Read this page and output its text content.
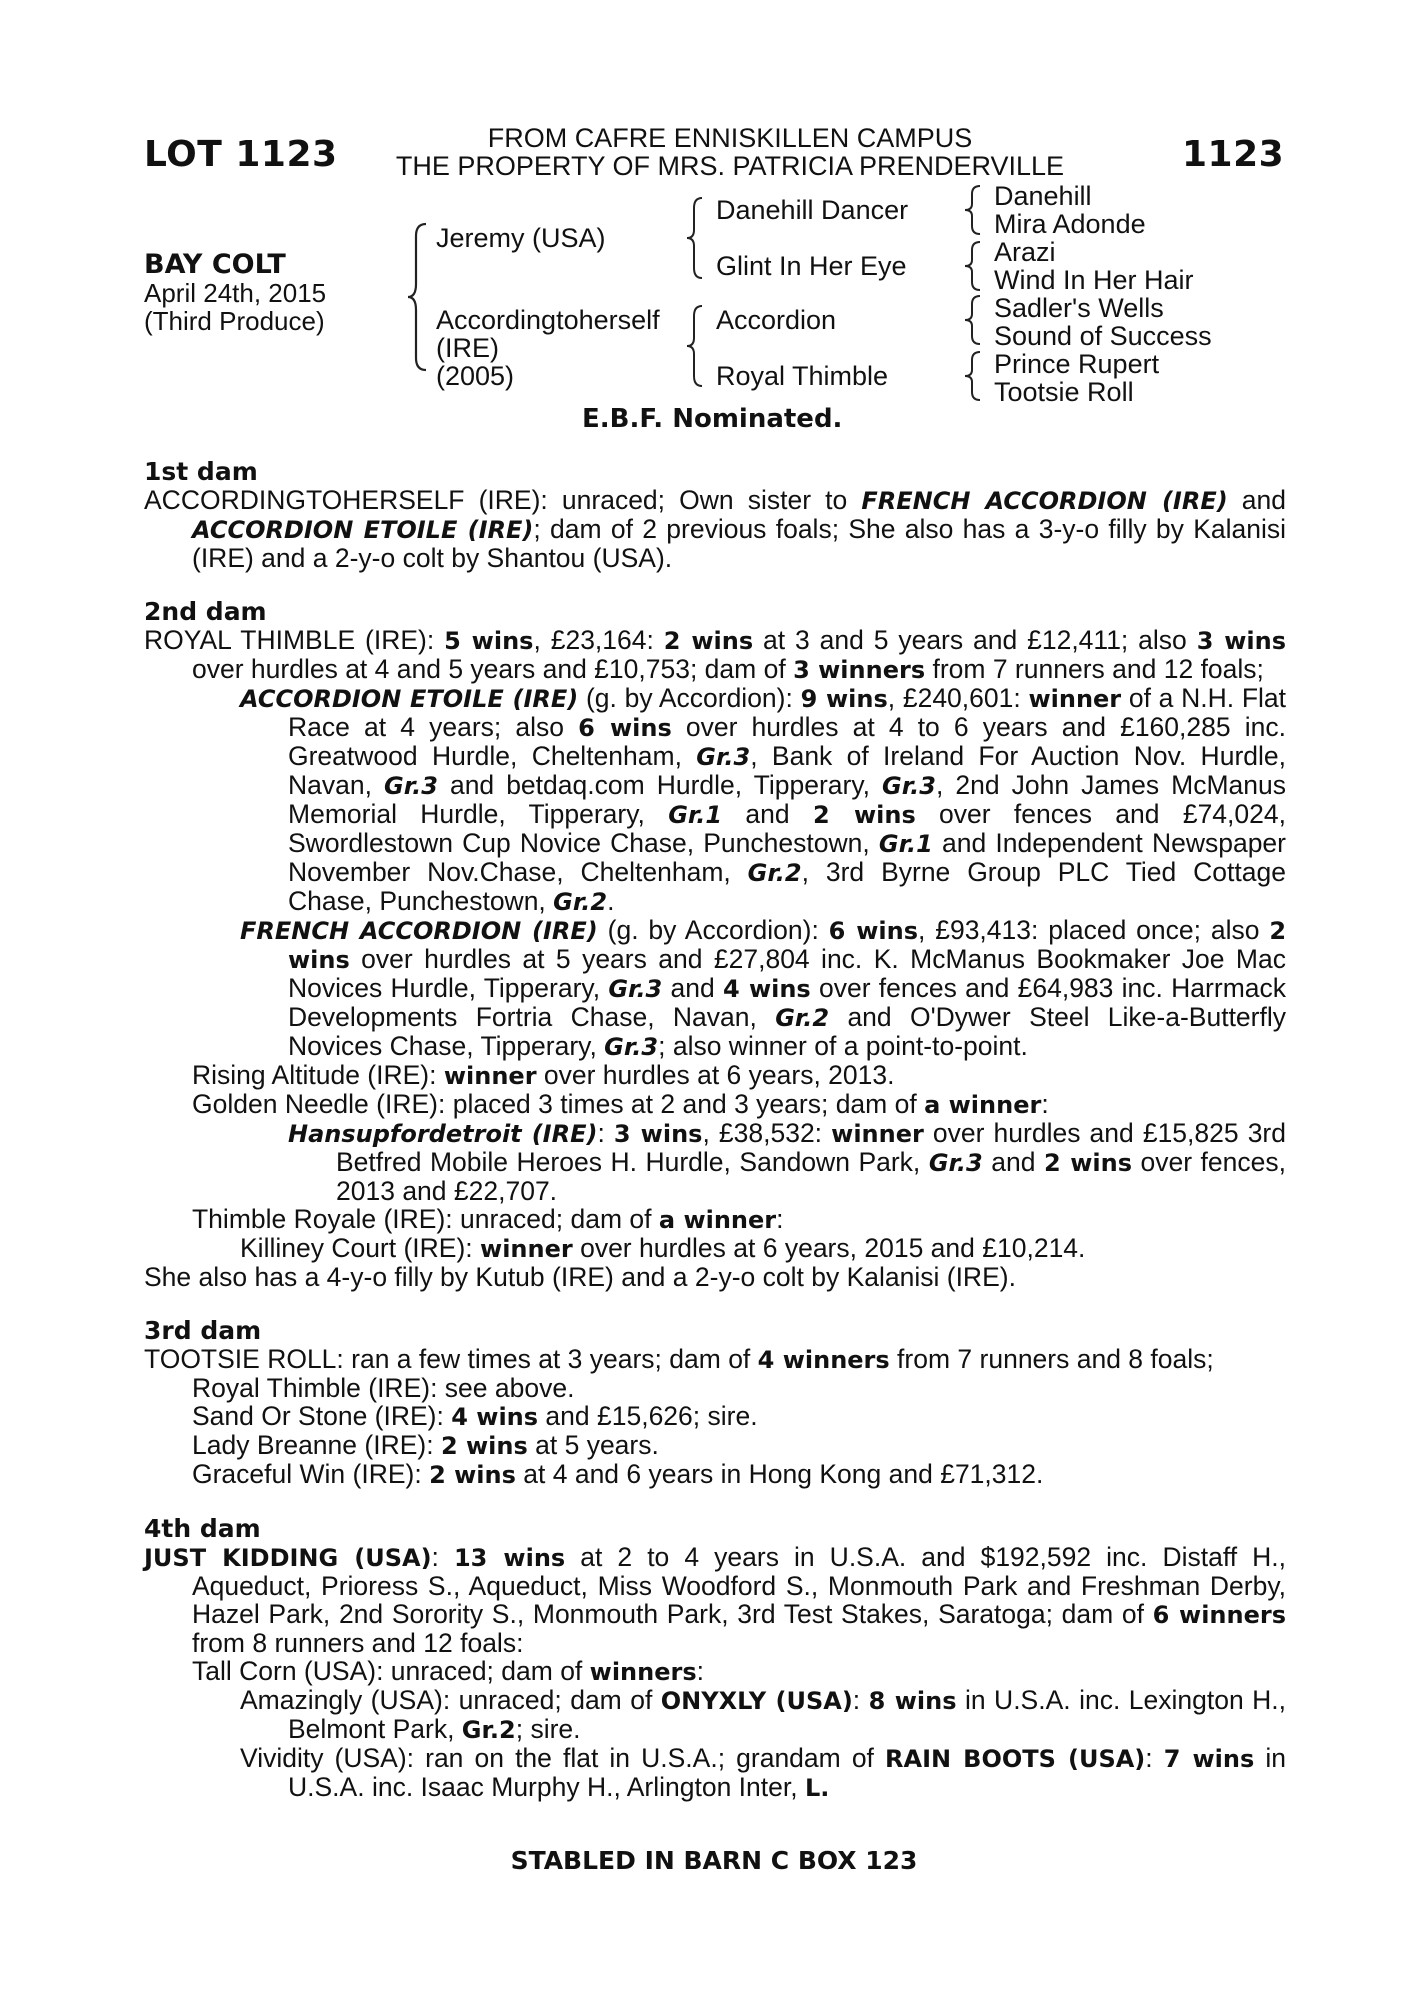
LOT 1123	FROM CAFRE ENNISKILLEN CAMPUS
THE PROPERTY OF MRS. PATRICIA PRENDERVILLE	1123
BAY COLT
April 24th, 2015
(Third Produce)
Jeremy (USA)
Accordingtoherself
(IRE)
(2005)
Danehill Dancer
Glint In Her Eye
Accordion
Royal Thimble
Danehill
Mira Adonde
Arazi
Wind In Her Hair
Sadler's Wells
Sound of Success
Prince Rupert
Tootsie Roll
E.B.F. Nominated.
1st dam
ACCORDINGTOHERSELF (IRE): unraced; Own sister to FRENCH ACCORDION (IRE) and ACCORDION ETOILE (IRE); dam of 2 previous foals; She also has a 3-y-o filly by Kalanisi (IRE) and a 2-y-o colt by Shantou (USA).
2nd dam
ROYAL THIMBLE (IRE): 5 wins, £23,164: 2 wins at 3 and 5 years and £12,411; also 3 wins over hurdles at 4 and 5 years and £10,753; dam of 3 winners from 7 runners and 12 foals;
ACCORDION ETOILE (IRE) (g. by Accordion): 9 wins, £240,601: winner of a N.H. Flat Race at 4 years; also 6 wins over hurdles at 4 to 6 years and £160,285 inc. Greatwood Hurdle, Cheltenham, Gr.3, Bank of Ireland For Auction Nov. Hurdle, Navan, Gr.3 and betdaq.com Hurdle, Tipperary, Gr.3, 2nd John James McManus Memorial Hurdle, Tipperary, Gr.1 and 2 wins over fences and £74,024, Swordlestown Cup Novice Chase, Punchestown, Gr.1 and Independent Newspaper November Nov.Chase, Cheltenham, Gr.2, 3rd Byrne Group PLC Tied Cottage Chase, Punchestown, Gr.2.
FRENCH ACCORDION (IRE) (g. by Accordion): 6 wins, £93,413: placed once; also 2 wins over hurdles at 5 years and £27,804 inc. K. McManus Bookmaker Joe Mac Novices Hurdle, Tipperary, Gr.3 and 4 wins over fences and £64,983 inc. Harrmack Developments Fortria Chase, Navan, Gr.2 and O'Dywer Steel Like-a-Butterfly Novices Chase, Tipperary, Gr.3; also winner of a point-to-point.
Rising Altitude (IRE): winner over hurdles at 6 years, 2013.
Golden Needle (IRE): placed 3 times at 2 and 3 years; dam of a winner:
Hansupfordetroit (IRE): 3 wins, £38,532: winner over hurdles and £15,825 3rd Betfred Mobile Heroes H. Hurdle, Sandown Park, Gr.3 and 2 wins over fences, 2013 and £22,707.
Thimble Royale (IRE): unraced; dam of a winner:
Killiney Court (IRE): winner over hurdles at 6 years, 2015 and £10,214.
She also has a 4-y-o filly by Kutub (IRE) and a 2-y-o colt by Kalanisi (IRE).
3rd dam
TOOTSIE ROLL: ran a few times at 3 years; dam of 4 winners from 7 runners and 8 foals;
Royal Thimble (IRE): see above.
Sand Or Stone (IRE): 4 wins and £15,626; sire.
Lady Breanne (IRE): 2 wins at 5 years.
Graceful Win (IRE): 2 wins at 4 and 6 years in Hong Kong and £71,312.
4th dam
JUST KIDDING (USA): 13 wins at 2 to 4 years in U.S.A. and $192,592 inc. Distaff H., Aqueduct, Prioress S., Aqueduct, Miss Woodford S., Monmouth Park and Freshman Derby, Hazel Park, 2nd Sorority S., Monmouth Park, 3rd Test Stakes, Saratoga; dam of 6 winners from 8 runners and 12 foals:
Tall Corn (USA): unraced; dam of winners:
Amazingly (USA): unraced; dam of ONYXLY (USA): 8 wins in U.S.A. inc. Lexington H., Belmont Park, Gr.2; sire.
Vividity (USA): ran on the flat in U.S.A.; grandam of RAIN BOOTS (USA): 7 wins in U.S.A. inc. Isaac Murphy H., Arlington Inter, L.
STABLED IN BARN C BOX 123
